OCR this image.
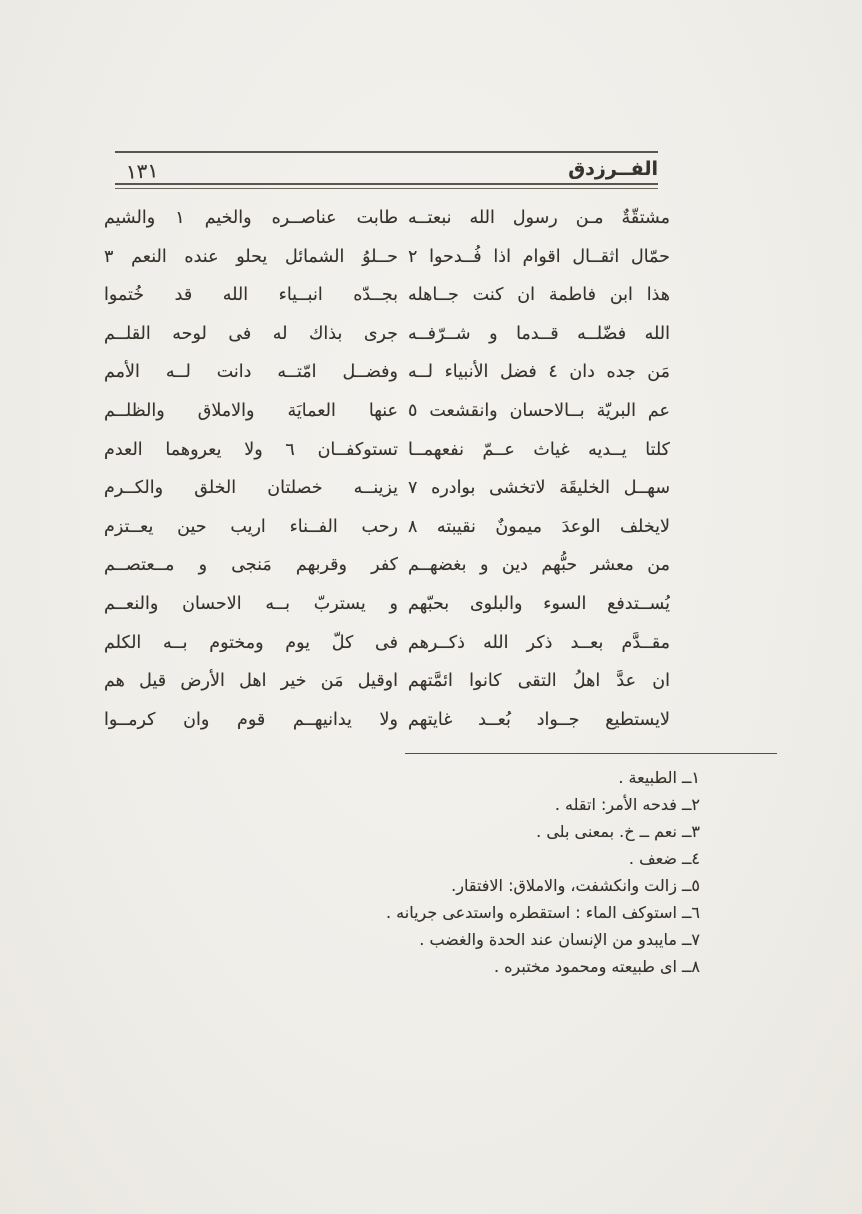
الفــرزدق
١٣١
مشتقّةٌ مـن رسول الله نبعتــه
طابت عناصــره والخيم ١ والشيم
حمّال اثقــال اقوام اذا فُــدحوا ٢
حــلوُ الشمائل يحلو عنده النعم ٣
هذا ابن فاطمة ان كنت جــاهله
بجــدّه انبــياء الله قد خُتموا
الله فضّلــه قــدما و شــرّفــه
جرى بذاك له فى لوحه القلــم
مَن جده دان ٤ فضل الأنبياء لــه
وفضــل امّتــه دانت لــه الأمم
عم البريّة بــالاحسان وانقشعت ٥
عنها العمايَة والاملاق والظلــم
كلتا يــديه غياث عــمّ نفعهمــا
تستوكفــان ٦ ولا يعروهما العدم
سهــل الخليقَة لاتخشى بوادره ٧
يزينــه خصلتان الخلق والكــرم
لايخلف الوعدَ ميمونٌ نقيبته ٨
رحب الفــناء اريب حين يعــتزم
من معشر حبُّهم دين و بغضهــم
كفر وقربهم مَنجى و مــعتصــم
يُســتدفع السوء والبلوى بحبّهم
و يستربّ بــه الاحسان والنعــم
مقــدَّم بعــد ذكر الله ذكــرهم
فى كلّ يوم ومختوم بــه الكلم
ان عدَّ اهلُ التقى كانوا ائمَّتهم
اوقيل مَن خير اهل الأرض قيل هم
لايستطيع جــواد بُعــد غايتهم
ولا يدانيهــم قوم وان كرمــوا
١ــ الطبيعة .
٢ــ فدحه الأمر: اتقله .
٣ــ نعم ــ خ. بمعنى بلى .
٤ــ ضعف .
٥ــ زالت وانكشفت، والاملاق: الافتقار.
٦ــ استوكف الماء : استقطره واستدعى جريانه .
٧ــ مايبدو من الإنسان عند الحدة والغضب .
٨ــ اى طبيعته ومحمود مختبره .
